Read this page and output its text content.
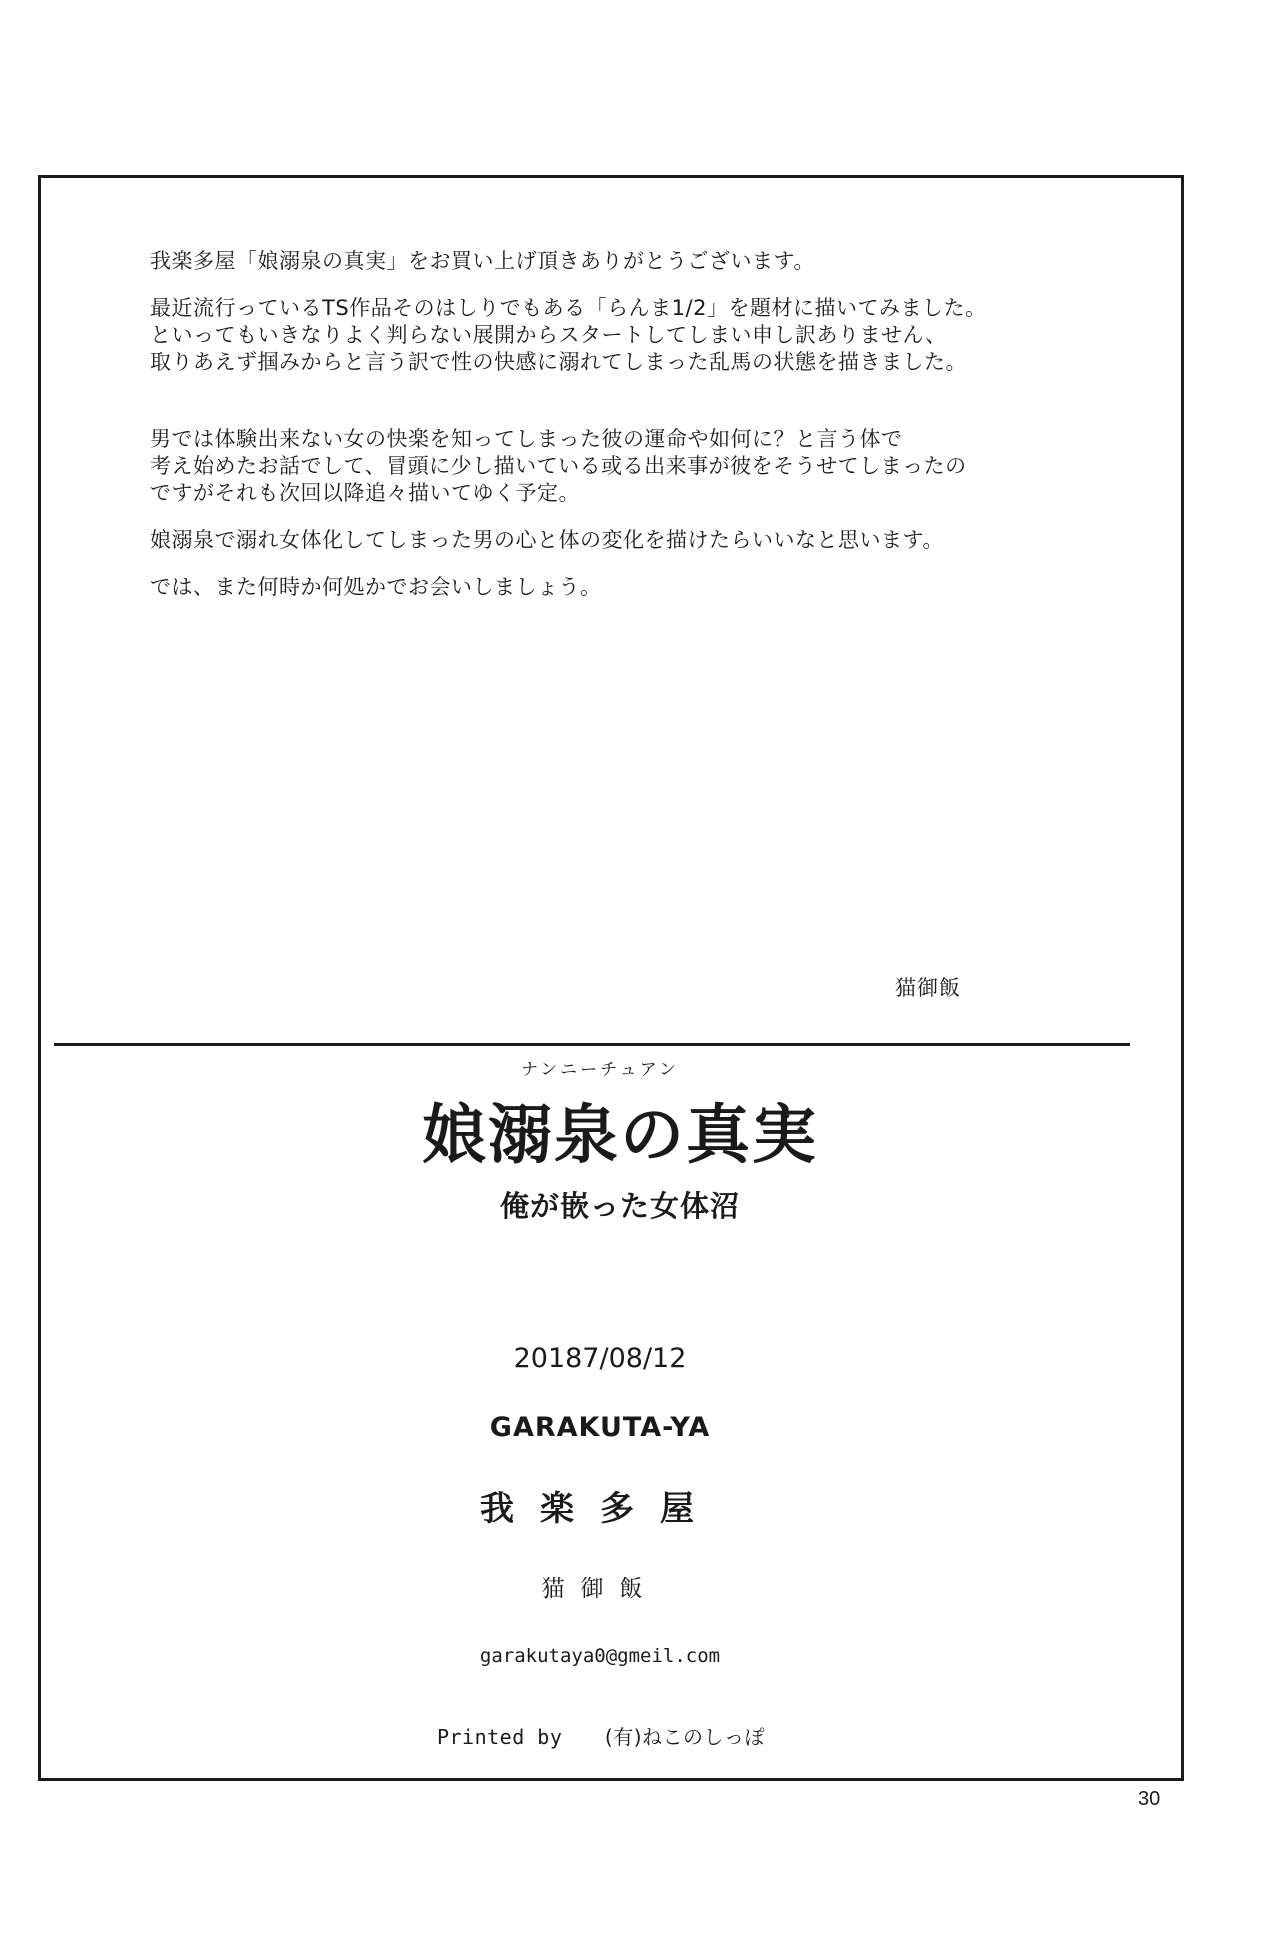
我楽多屋「娘溺泉の真実」をお買い上げ頂きありがとうございます。

最近流行っているTS作品そのはしりでもある「らんま1/2」を題材に描いてみました。
といってもいきなりよく判らない展開からスタートしてしまい申し訳ありません、
取りあえず掴みからと言う訳で性の快感に溺れてしまった乱馬の状態を描きました。

男では体験出来ない女の快楽を知ってしまった彼の運命や如何に？と言う体で
考え始めたお話でして、冒頭に少し描いている或る出来事が彼をそうせてしまったの
ですがそれも次回以降追々描いてゆく予定。

娘溺泉で溺れ女体化してしまった男の心と体の変化を描けたらいいなと思います。

では、また何時か何処かでお会いしましょう。

猫御飯
ナンニーチュアン
娘溺泉の真実
俺が嵌った女体沼
20187/08/12
GARAKUTA-YA
我楽多屋
猫御飯
garakutaya0@gmeil.com
Printed by (有)ねこのしっぽ
30
